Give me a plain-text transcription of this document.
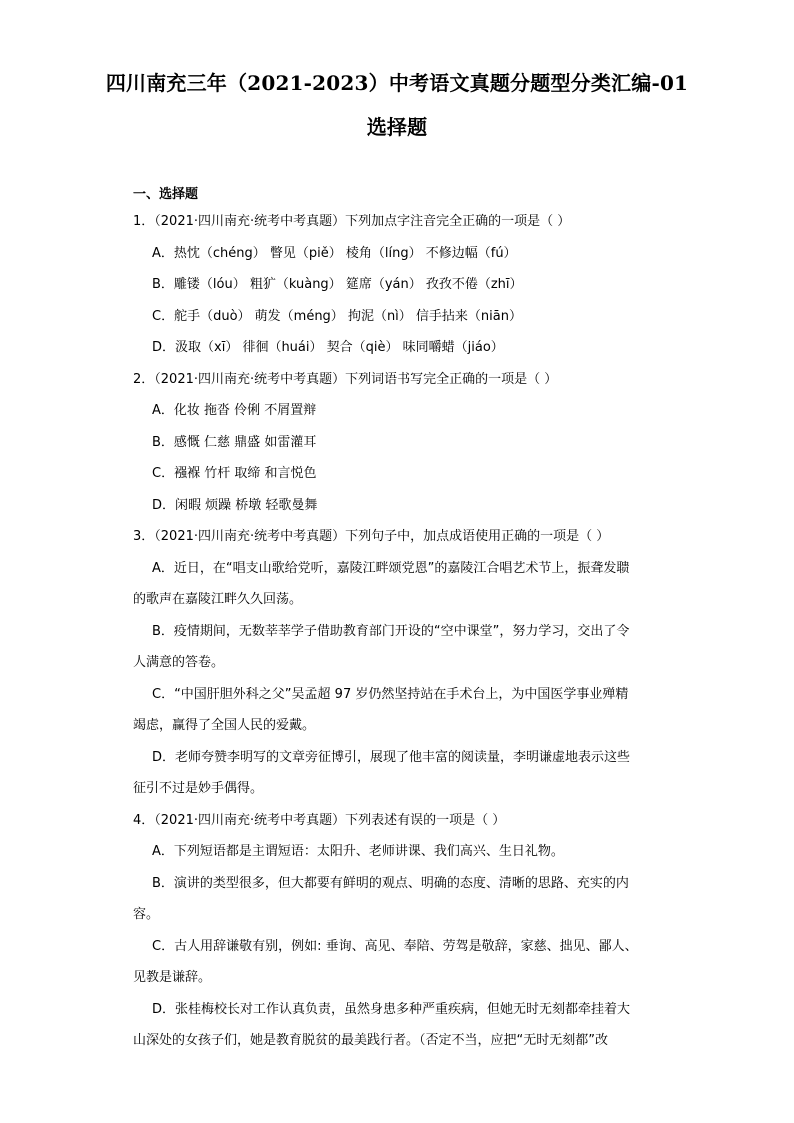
四川南充三年（2021-2023）中考语文真题分题型分类汇编-01
选择题
一、选择题
1．（2021·四川南充·统考中考真题）下列加点字注音完全正确的一项是（ ）
A．热忱（chéng） 瞥见（piě） 棱角（líng） 不修边幅（fú）
B．雕镂（lóu） 粗犷（kuàng） 筵席（yán） 孜孜不倦（zhī）
C．舵手（duò） 萌发（méng） 拘泥（nì） 信手拈来（niān）
D．汲取（xī） 徘徊（huái） 契合（qiè） 味同嚼蜡（jiáo）
2．（2021·四川南充·统考中考真题）下列词语书写完全正确的一项是（ ）
A．化妆 拖沓 伶俐 不屑置辩
B．感慨 仁慈 鼎盛 如雷灌耳
C．襁褓 竹杆 取缔 和言悦色
D．闲暇 烦躁 桥墩 轻歌曼舞
3．（2021·四川南充·统考中考真题）下列句子中，加点成语使用正确的一项是（ ）
A．近日，在“唱支山歌给党听，嘉陵江畔颂党恩”的嘉陵江合唱艺术节上，振聋发聩
的歌声在嘉陵江畔久久回荡。
B．疫情期间，无数莘莘学子借助教育部门开设的“空中课堂”，努力学习，交出了令
人满意的答卷。
C．“中国肝胆外科之父”吴孟超 97 岁仍然坚持站在手术台上，为中国医学事业殚精
竭虑，赢得了全国人民的爱戴。
D．老师夸赞李明写的文章旁征博引，展现了他丰富的阅读量，李明谦虚地表示这些
征引不过是妙手偶得。
4．（2021·四川南充·统考中考真题）下列表述有误的一项是（ ）
A．下列短语都是主谓短语：太阳升、老师讲课、我们高兴、生日礼物。
B．演讲的类型很多，但大都要有鲜明的观点、明确的态度、清晰的思路、充实的内
容。
C．古人用辞谦敬有别，例如: 垂询、高见、奉陪、劳驾是敬辞，家慈、拙见、鄙人、
见教是谦辞。
D．张桂梅校长对工作认真负责，虽然身患多种严重疾病，但她无时无刻都牵挂着大
山深处的女孩子们，她是教育脱贫的最美践行者。（否定不当，应把“无时无刻都”改
